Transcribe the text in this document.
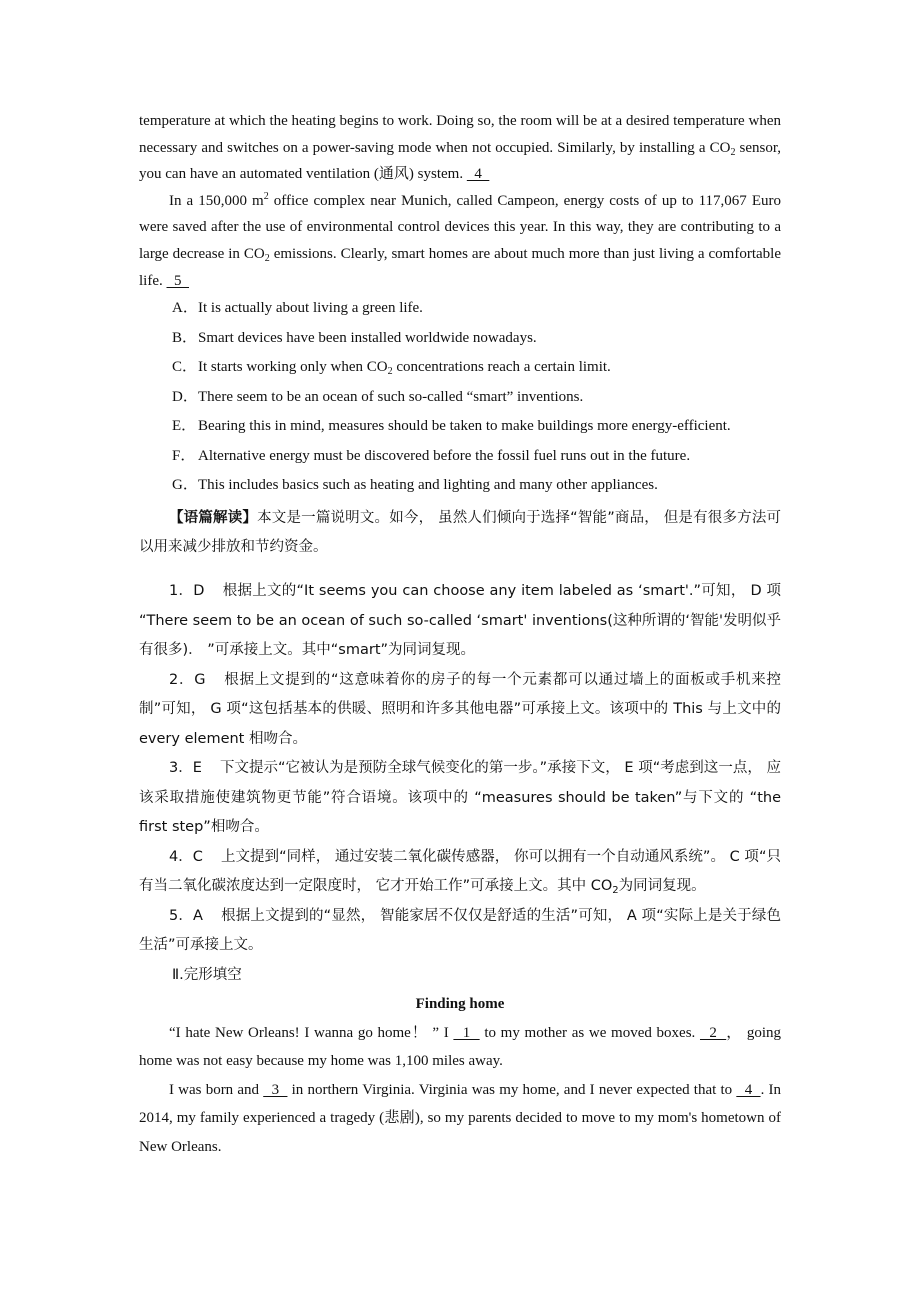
temperature at which the heating begins to work. Doing so, the room will be at a desired temperature when necessary and switches on a power-saving mode when not occupied. Similarly, by installing a $CO_2$ sensor, you can have an automated ventilation (通风) system.   4

In a 150,000 $m^2$ office complex near Munich, called Campeon, energy costs of up to 117,067 Euro were saved after the use of environmental control devices this year. In this way, they are contributing to a large decrease in $CO_2$ emissions. Clearly, smart homes are about much more than just living a comfortable life.   5

A．It is actually about living a green life.
B．Smart devices have been installed worldwide nowadays.
C．It starts working only when $CO_2$ concentrations reach a certain limit.
D．There seem to be an ocean of such so-called “smart” inventions.
E． Bearing this in mind, measures should be taken to make buildings more energy-efficient.
F． Alternative energy must be discovered before the fossil fuel runs out in the future.
G．This includes basics such as heating and lighting and many other appliances.

【语篇解读】本文是一篇说明文。如今， 虽然人们倾向于选择“智能”商品， 但是有很多方法可以用来减少排放和节约资金。

1．D 根据上文的“It seems you can choose any item labeled as ‘smart'.”可知， D 项 “There seem to be an ocean of such so-called ‘smart' inventions(这种所谓的‘智能'发明似乎有很多)． ”可承接上文。其中“smart”为同词复现。

2．G 根据上文提到的“这意味着你的房子的每一个元素都可以通过墙上的面板或手机来控制”可知， G 项“这包括基本的供暖、照明和许多其他电器”可承接上文。该项中的 This 与上文中的 every element 相吻合。

3．E 下文提示“它被认为是预防全球气候变化的第一步。”承接下文， E 项“考虑到这一点， 应该采取措施使建筑物更节能”符合语境。该项中的 “measures should be taken”与下文的 “the first step”相吻合。

4．C 上文提到“同样， 通过安装二氧化碳传感器， 你可以拥有一个自动通风系统”。 C 项“只有当二氧化碳浓度达到一定限度时， 它才开始工作”可承接上文。其中 $CO_2$为同词复现。

5．A 根据上文提到的“显然， 智能家居不仅仅是舒适的生活”可知， A 项“实际上是关于绿色生活”可承接上文。

Ⅱ.完形填空

Finding home

“I hate New Orleans! I wanna go home！ ” I   1   to my mother as we moved boxes.   2  ， going home was not easy because my home was 1,100 miles away.

I was born and   3   in northern Virginia. Virginia was my home, and I never expected that to   4  . In 2014, my family experienced a tragedy (悲剧), so my parents decided to move to my mom's hometown of New Orleans.
